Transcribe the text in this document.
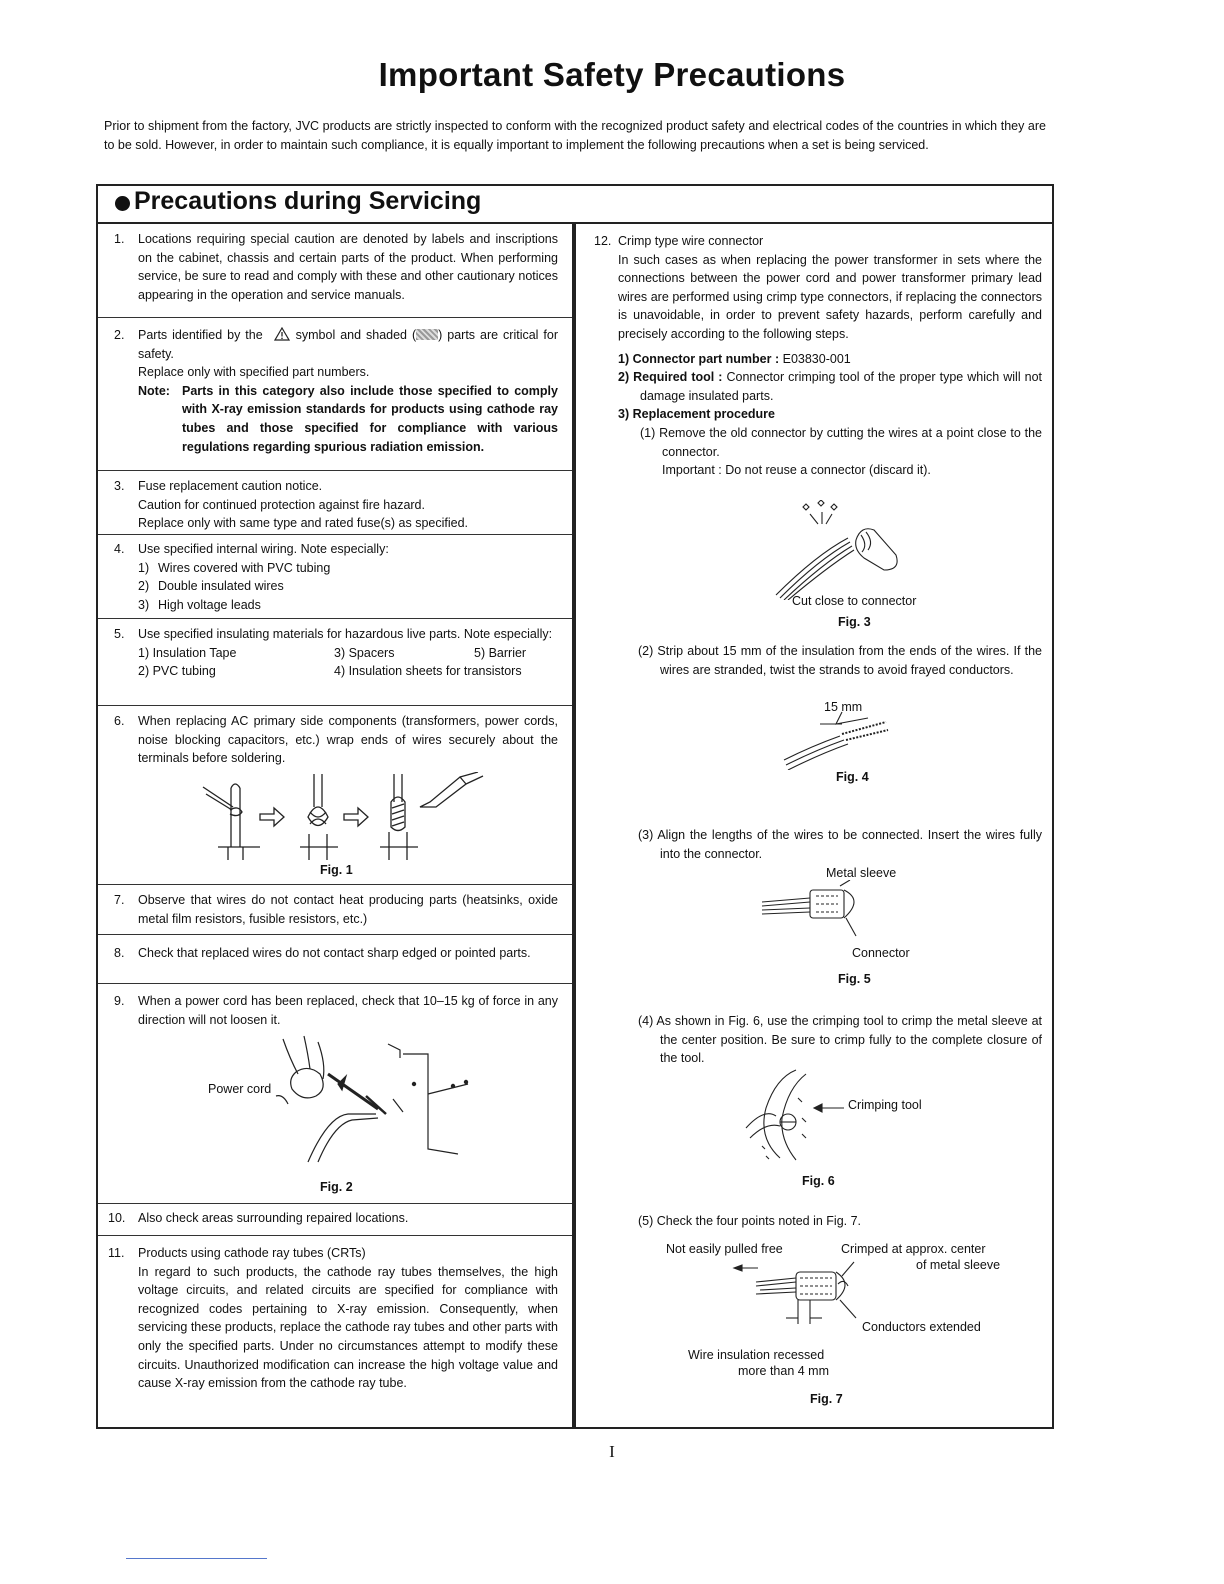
Important Safety Precautions
Prior to shipment from the factory, JVC products are strictly inspected to conform with the recognized product safety and electrical codes of the countries in which they are to be sold. However, in order to maintain such compliance, it is equally important to implement the following precautions when a set is being serviced.
Precautions during Servicing
1. Locations requiring special caution are denoted by labels and inscriptions on the cabinet, chassis and certain parts of the product. When performing service, be sure to read and comply with these and other cautionary notices appearing in the operation and service manuals.
2. Parts identified by the	symbol and shaded ( ) parts are critical for safety.
Replace only with specified part numbers.
Note: Parts in this category also include those specified to comply with X-ray emission standards for products using cathode ray tubes and those specified for compliance with various regulations regarding spurious radiation emission.
3. Fuse replacement caution notice.
Caution for continued protection against fire hazard.
Replace only with same type and rated fuse(s) as specified.
4. Use specified internal wiring. Note especially:
1) Wires covered with PVC tubing
2) Double insulated wires
3) High voltage leads
5. Use specified insulating materials for hazardous live parts. Note especially:
1) Insulation Tape	3) Spacers	5) Barrier
2) PVC tubing	4) Insulation sheets for transistors
6. When replacing AC primary side components (transformers, power cords, noise blocking capacitors, etc.) wrap ends of wires securely about the terminals before soldering.
Fig. 1
7. Observe that wires do not contact heat producing parts (heatsinks, oxide metal film resistors, fusible resistors, etc.)
8. Check that replaced wires do not contact sharp edged or pointed parts.
9. When a power cord has been replaced, check that 10–15 kg of force in any direction will not loosen it.
Power cord
Fig. 2
10. Also check areas surrounding repaired locations.
11. Products using cathode ray tubes (CRTs)
In regard to such products, the cathode ray tubes themselves, the high voltage circuits, and related circuits are specified for compliance with recognized codes pertaining to X-ray emission. Consequently, when servicing these products, replace the cathode ray tubes and other parts with only the specified parts. Under no circumstances attempt to modify these circuits. Unauthorized modification can increase the high voltage value and cause X-ray emission from the cathode ray tube.
12. Crimp type wire connector
In such cases as when replacing the power transformer in sets where the connections between the power cord and power transformer primary lead wires are performed using crimp type connectors, if replacing the connectors is unavoidable, in order to prevent safety hazards, perform carefully and precisely according to the following steps.
1) Connector part number : E03830-001
2) Required tool : Connector crimping tool of the proper type which will not damage insulated parts.
3) Replacement procedure
(1) Remove the old connector by cutting the wires at a point close to the connector.
Important : Do not reuse a connector (discard it).
Cut close to connector
Fig. 3
(2) Strip about 15 mm of the insulation from the ends of the wires. If the wires are stranded, twist the strands to avoid frayed conductors.
15 mm
Fig. 4
(3) Align the lengths of the wires to be connected. Insert the wires fully into the connector.
Metal sleeve
Connector
Fig. 5
(4) As shown in Fig. 6, use the crimping tool to crimp the metal sleeve at the center position. Be sure to crimp fully to the complete closure of the tool.
Crimping tool
Fig. 6
(5) Check the four points noted in Fig. 7.
Not easily pulled free	Crimped at approx. center
of metal sleeve
Conductors extended
Wire insulation recessed
more than 4 mm
Fig. 7
I
